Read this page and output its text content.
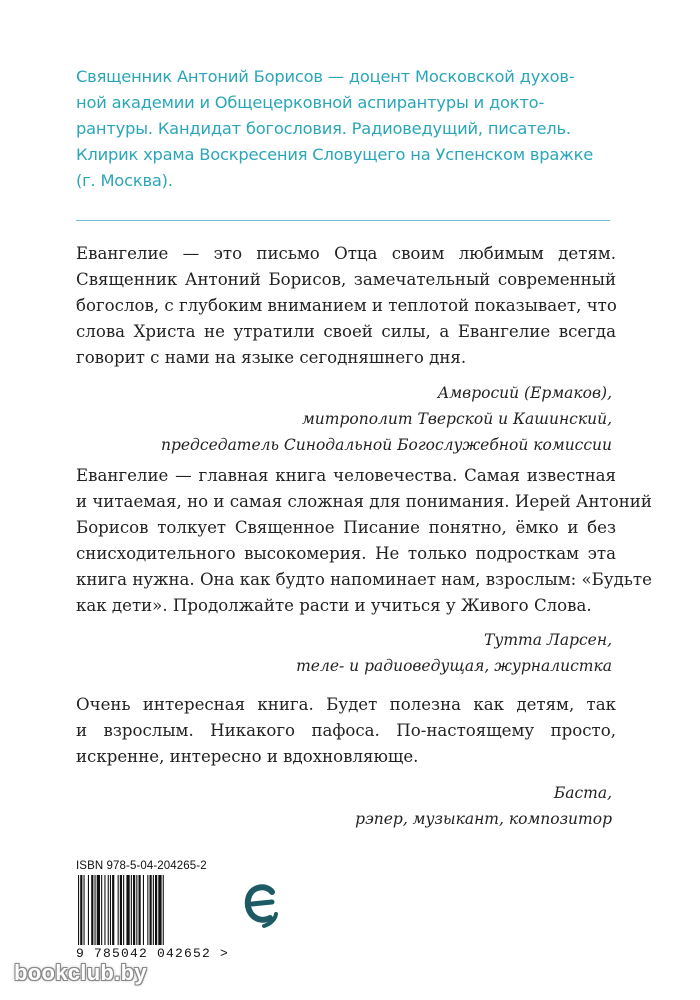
Священник Антоний Борисов — доцент Московской духов-
ной академии и Общецерковной аспирантуры и докто-
рантуры. Кандидат богословия. Радиоведущий, писатель.
Клирик храма Воскресения Словущего на Успенском вражке
(г. Москва).
Евангелие — это письмо Отца своим любимым детям.
Священник Антоний Борисов, замечательный современный
богослов, с глубоким вниманием и теплотой показывает, что
слова Христа не утратили своей силы, а Евангелие всегда
говорит с нами на языке сегодняшнего дня.
Амвросий (Ермаков),
митрополит Тверской и Кашинский,
председатель Синодальной Богослужебной комиссии
Евангелие — главная книга человечества. Самая известная
и читаемая, но и самая сложная для понимания. Иерей Антоний
Борисов толкует Священное Писание понятно, ёмко и без
снисходительного высокомерия. Не только подросткам эта
книга нужна. Она как будто напоминает нам, взрослым: «Будьте
как дети». Продолжайте расти и учиться у Живого Слова.
Тутта Ларсен,
теле- и радиоведущая, журналистка
Очень интересная книга. Будет полезна как детям, так
и взрослым. Никакого пафоса. По-настоящему просто,
искренне, интересно и вдохновляюще.
Баста,
рэпер, музыкант, композитор
ISBN 978-5-04-204265-2
9 785042 042652 >
bookclub.by
